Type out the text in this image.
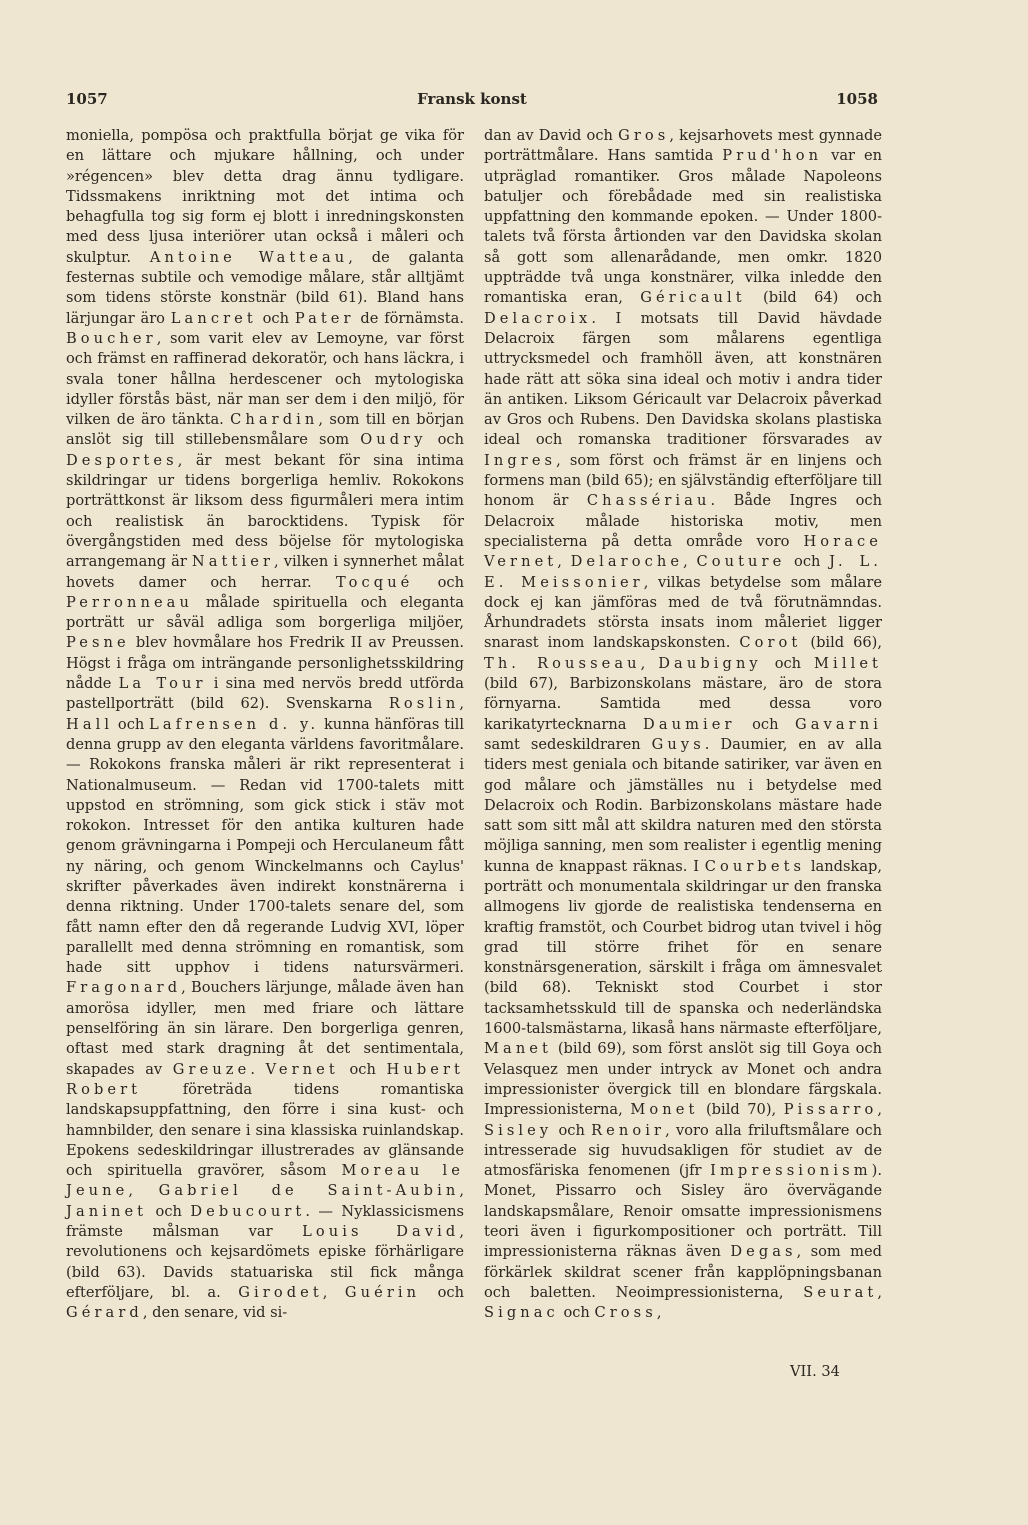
1057	Fransk konst	1058

moniella, pompösa och praktfulla börjat ge vika för en lättare och mjukare hållning, och under »régencen» blev detta drag ännu tydligare. Tidssmakens inriktning mot det intima och behagfulla tog sig form ej blott i inredningskonsten med dess ljusa interiörer utan också i måleri och skulptur. Antoine Watteau, de galanta festernas subtile och vemodige målare, står alltjämt som tidens störste konstnär (bild 61). Bland hans lärjungar äro Lancret och Pater de förnämsta. Boucher, som varit elev av Lemoyne, var först och främst en raffinerad dekoratör, och hans läckra, i svala toner hållna herdescener och mytologiska idyller förstås bäst, när man ser dem i den miljö, för vilken de äro tänkta. Chardin, som till en början anslöt sig till stillebensmålare som Oudry och Desportes, är mest bekant för sina intima skildringar ur tidens borgerliga hemliv. Rokokons porträttkonst är liksom dess figurmåleri mera intim och realistisk än barocktidens. Typisk för övergångstiden med dess böjelse för mytologiska arrangemang är Nattier, vilken i synnerhet målat hovets damer och herrar. Tocqué och Perronneau målade spirituella och eleganta porträtt ur såväl adliga som borgerliga miljöer, Pesne blev hovmålare hos Fredrik II av Preussen. Högst i fråga om inträngande personlighetsskildring nådde La Tour i sina med nervös bredd utförda pastellporträtt (bild 62). Svenskarna Roslin, Hall och Lafrensen d. y. kunna hänföras till denna grupp av den eleganta världens favoritmålare. — Rokokons franska måleri är rikt representerat i Nationalmuseum. — Redan vid 1700-talets mitt uppstod en strömning, som gick stick i stäv mot rokokon. Intresset för den antika kulturen hade genom grävningarna i Pompeji och Herculaneum fått ny näring, och genom Winckelmanns och Caylus' skrifter påverkades även indirekt konstnärerna i denna riktning. Under 1700-talets senare del, som fått namn efter den då regerande Ludvig XVI, löper parallellt med denna strömning en romantisk, som hade sitt upphov i tidens natursvärmeri. Fragonard, Bouchers lärjunge, målade även han amorösa idyller, men med friare och lättare penselföring än sin lärare. Den borgerliga genren, oftast med stark dragning åt det sentimentala, skapades av Greuze. Vernet och Hubert Robert företräda tidens romantiska landskapsuppfattning, den förre i sina kust- och hamnbilder, den senare i sina klassiska ruinlandskap. Epokens sedeskildringar illustrerades av glänsande och spirituella gravörer, såsom Moreau le Jeune, Gabriel de Saint-Aubin, Janinet och Debucourt. — Nyklassicismens främste målsman var Louis David, revolutionens och kejsardömets episke förhärligare (bild 63). Davids statuariska stil fick många efterföljare, bl. a. Girodet, Guérin och Gérard, den senare, vid si-

dan av David och Gros, kejsarhovets mest gynnade porträttmålare. Hans samtida Prud'hon var en utpräglad romantiker. Gros målade Napoleons batuljer och förebådade med sin realistiska uppfattning den kommande epoken. — Under 1800-talets två första årtionden var den Davidska skolan så gott som allenarådande, men omkr. 1820 uppträdde två unga konstnärer, vilka inledde den romantiska eran, Géricault (bild 64) och Delacroix. I motsats till David hävdade Delacroix färgen som målarens egentliga uttrycksmedel och framhöll även, att konstnären hade rätt att söka sina ideal och motiv i andra tider än antiken. Liksom Géricault var Delacroix påverkad av Gros och Rubens. Den Davidska skolans plastiska ideal och romanska traditioner försvarades av Ingres, som först och främst är en linjens och formens man (bild 65); en självständig efterföljare till honom är Chassériau. Både Ingres och Delacroix målade historiska motiv, men specialisterna på detta område voro Horace Vernet, Delaroche, Couture och J. L. E. Meissonier, vilkas betydelse som målare dock ej kan jämföras med de två förutnämndas. Århundradets största insats inom måleriet ligger snarast inom landskapskonsten. Corot (bild 66), Th. Rousseau, Daubigny och Millet (bild 67), Barbizonskolans mästare, äro de stora förnyarna. Samtida med dessa voro karikatyrtecknarna Daumier och Gavarni samt sedeskildraren Guys. Daumier, en av alla tiders mest geniala och bitande satiriker, var även en god målare och jämställes nu i betydelse med Delacroix och Rodin. Barbizonskolans mästare hade satt som sitt mål att skildra naturen med den största möjliga sanning, men som realister i egentlig mening kunna de knappast räknas. I Courbets landskap, porträtt och monumentala skildringar ur den franska allmogens liv gjorde de realistiska tendenserna en kraftig framstöt, och Courbet bidrog utan tvivel i hög grad till större frihet för en senare konstnärsgeneration, särskilt i fråga om ämnesvalet (bild 68). Tekniskt stod Courbet i stor tacksamhetsskuld till de spanska och nederländska 1600-talsmästarna, likaså hans närmaste efterföljare, Manet (bild 69), som först anslöt sig till Goya och Velasquez men under intryck av Monet och andra impressionister övergick till en blondare färgskala. Impressionisterna, Monet (bild 70), Pissarro, Sisley och Renoir, voro alla friluftsmålare och intresserade sig huvudsakligen för studiet av de atmosfäriska fenomenen (jfr Impressionism). Monet, Pissarro och Sisley äro övervägande landskapsmålare, Renoir omsatte impressionismens teori även i figurkompositioner och porträtt. Till impressionisterna räknas även Degas, som med förkärlek skildrat scener från kapplöpningsbanan och baletten. Neoimpressionisterna, Seurat, Signac och Cross,

VII. 34
